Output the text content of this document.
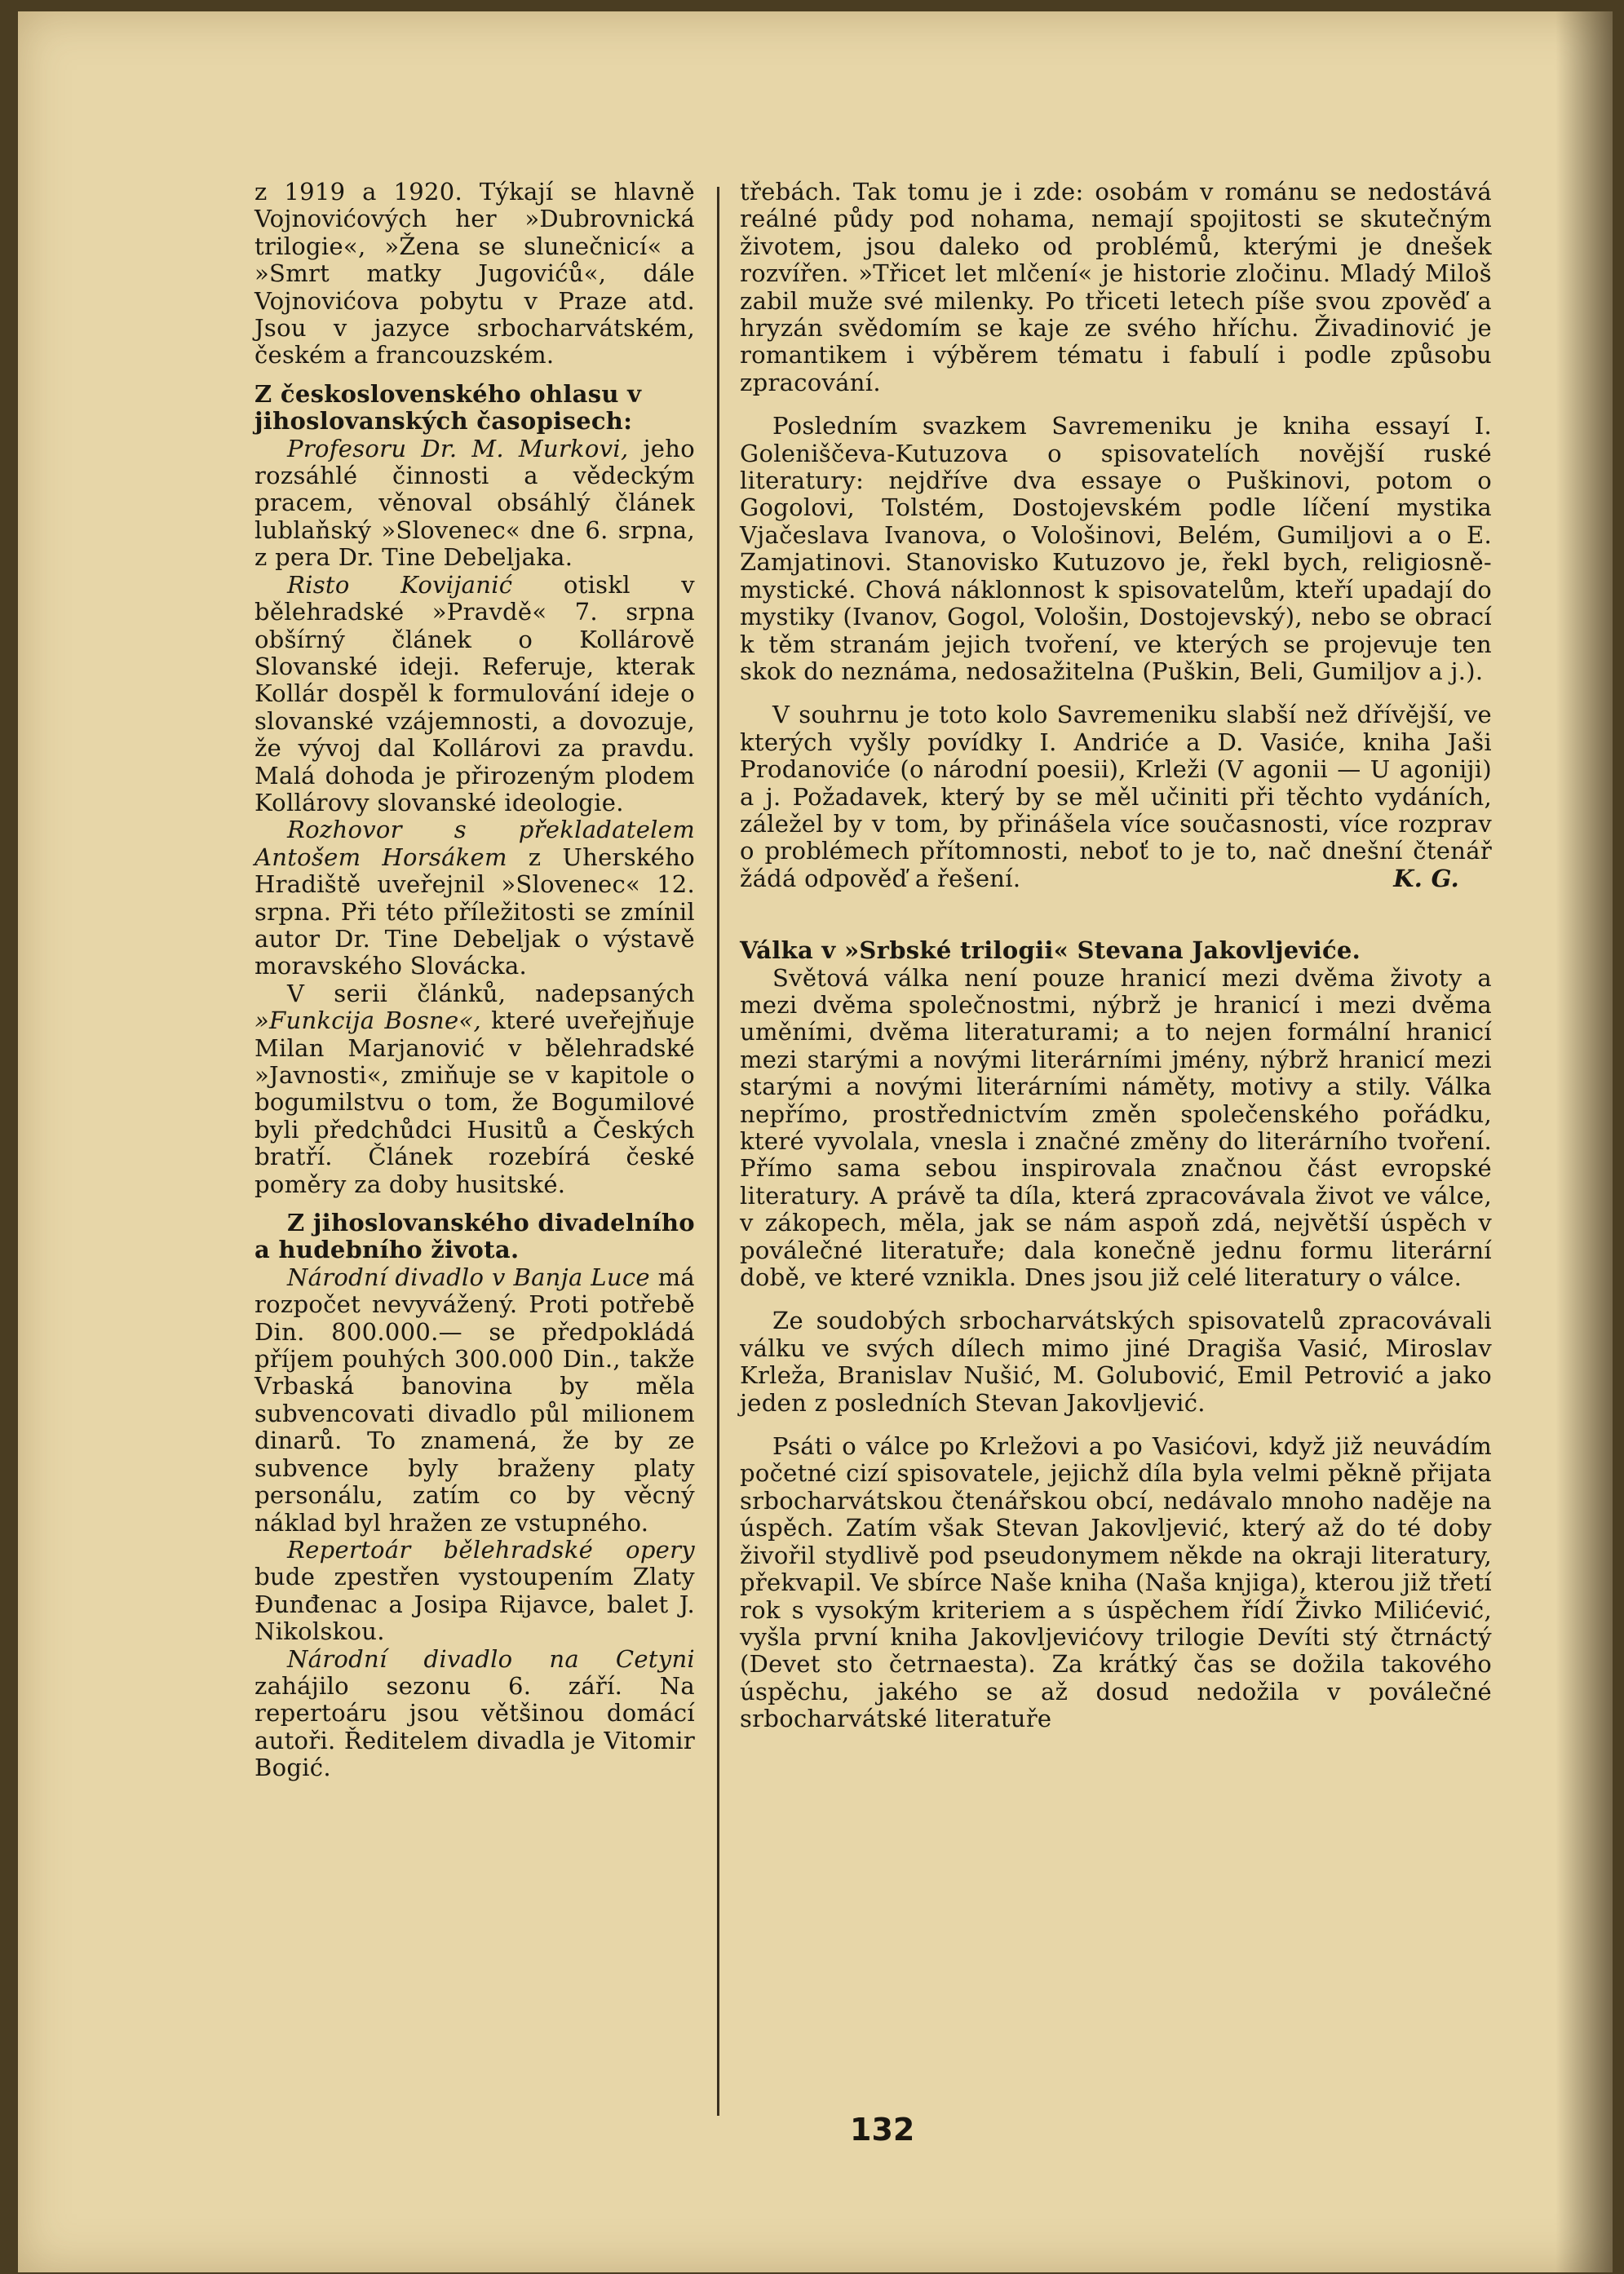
z 1919 a 1920. Týkají se hlavně Vojnovićových her »Dubrovnická trilogie«, »Žena se slunečnicí« a »Smrt matky Jugovićů«, dále Vojnovićova pobytu v Praze atd. Jsou v jazyce srbocharvátském, českém a francouzském.

Z československého ohlasu v jihoslovanských časopisech:

Profesoru Dr. M. Murkovi, jeho rozsáhlé činnosti a vědeckým pracem, věnoval obsáhlý článek lublaňský »Slovenec« dne 6. srpna, z pera Dr. Tine Debeljaka.

Risto Kovijanić otiskl v bělehradské »Pravdě« 7. srpna obšírný článek o Kollárově Slovanské ideji. Referuje, kterak Kollár dospěl k formulování ideje o slovanské vzájemnosti, a dovozuje, že vývoj dal Kollárovi za pravdu. Malá dohoda je přirozeným plodem Kollárovy slovanské ideologie.

Rozhovor s překladatelem Antošem Horsákem z Uherského Hradiště uveřejnil »Slovenec« 12. srpna. Při této příležitosti se zmínil autor Dr. Tine Debeljak o výstavě moravského Slovácka.

V serii článků, nadepsaných »Funkcija Bosne«, které uveřejňuje Milan Marjanović v bělehradské »Javnosti«, zmiňuje se v kapitole o bogumilstvu o tom, že Bogumilové byli předchůdci Husitů a Českých bratří. Článek rozebírá české poměry za doby husitské.

Z jihoslovanského divadelního a hudebního života.

Národní divadlo v Banja Luce má rozpočet nevyvážený. Proti potřebě Din. 800.000.— se předpokládá příjem pouhých 300.000 Din., takže Vrbaská banovina by měla subvencovati divadlo půl milionem dinarů. To znamená, že by ze subvence byly braženy platy personálu, zatím co by věcný náklad byl hražen ze vstupného.

Repertoár bělehradské opery bude zpestřen vystoupením Zlaty Đunđenac a Josipa Rijavce, balet J. Nikolskou.

Národní divadlo na Cetyni zahájilo sezonu 6. září. Na repertoáru jsou většinou domácí autoři. Ředitelem divadla je Vitomir Bogić.

třebách. Tak tomu je i zde: osobám v románu se nedostává reálné půdy pod nohama, nemají spojitosti se skutečným životem, jsou daleko od problémů, kterými je dnešek rozvířen. »Třicet let mlčení« je historie zločinu. Mladý Miloš zabil muže své milenky. Po třiceti letech píše svou zpověď a hryzán svědomím se kaje ze svého hříchu. Živadinović je romantikem i výběrem tématu i fabulí i podle způsobu zpracování.

Posledním svazkem Savremeniku je kniha essayí I. Goleniščeva-Kutuzova o spisovatelích novější ruské literatury: nejdříve dva essaye o Puškinovi, potom o Gogolovi, Tolstém, Dostojevském podle líčení mystika Vjačeslava Ivanova, o Vološinovi, Belém, Gumiljovi a o E. Zamjatinovi. Stanovisko Kutuzovo je, řekl bych, religiosně-mystické. Chová náklonnost k spisovatelům, kteří upadají do mystiky (Ivanov, Gogol, Vološin, Dostojevský), nebo se obrací k těm stranám jejich tvoření, ve kterých se projevuje ten skok do neznáma, nedosažitelna (Puškin, Beli, Gumiljov a j.).

V souhrnu je toto kolo Savremeniku slabší než dřívější, ve kterých vyšly povídky I. Andriće a D. Vasiće, kniha Jaši Prodanoviće (o národní poesii), Krleži (V agonii — U agoniji) a j. Požadavek, který by se měl učiniti při těchto vydáních, záležel by v tom, by přinášela více současnosti, více rozprav o problémech přítomnosti, neboť to je to, nač dnešní čtenář žádá odpověď a řešení.	K. G.

Válka v »Srbské trilogii« Stevana Jakovljeviće.

Světová válka není pouze hranicí mezi dvěma životy a mezi dvěma společnostmi, nýbrž je hranicí i mezi dvěma uměními, dvěma literaturami; a to nejen formální hranicí mezi starými a novými literárními jmény, nýbrž hranicí mezi starými a novými literárními náměty, motivy a stily. Válka nepřímo, prostřednictvím změn společenského pořádku, které vyvolala, vnesla i značné změny do literárního tvoření. Přímo sama sebou inspirovala značnou část evropské literatury. A právě ta díla, která zpracovávala život ve válce, v zákopech, měla, jak se nám aspoň zdá, největší úspěch v poválečné literatuře; dala konečně jednu formu literární době, ve které vznikla. Dnes jsou již celé literatury o válce.

Ze soudobých srbocharvátských spisovatelů zpracovávali válku ve svých dílech mimo jiné Dragiša Vasić, Miroslav Krleža, Branislav Nušić, M. Golubović, Emil Petrović a jako jeden z posledních Stevan Jakovljević.

Psáti o válce po Krležovi a po Vasićovi, když již neuvádím početné cizí spisovatele, jejichž díla byla velmi pěkně přijata srbocharvátskou čtenářskou obcí, nedávalo mnoho naděje na úspěch. Zatím však Stevan Jakovljević, který až do té doby živořil stydlivě pod pseudonymem někde na okraji literatury, překvapil. Ve sbírce Naše kniha (Naša knjiga), kterou již třetí rok s vysokým kriteriem a s úspěchem řídí Živko Milićević, vyšla první kniha Jakovljevićovy trilogie Devíti stý čtrnáctý (Devet sto četrnaesta). Za krátký čas se dožila takového úspěchu, jakého se až dosud nedožila v poválečné srbocharvátské literatuře

132
